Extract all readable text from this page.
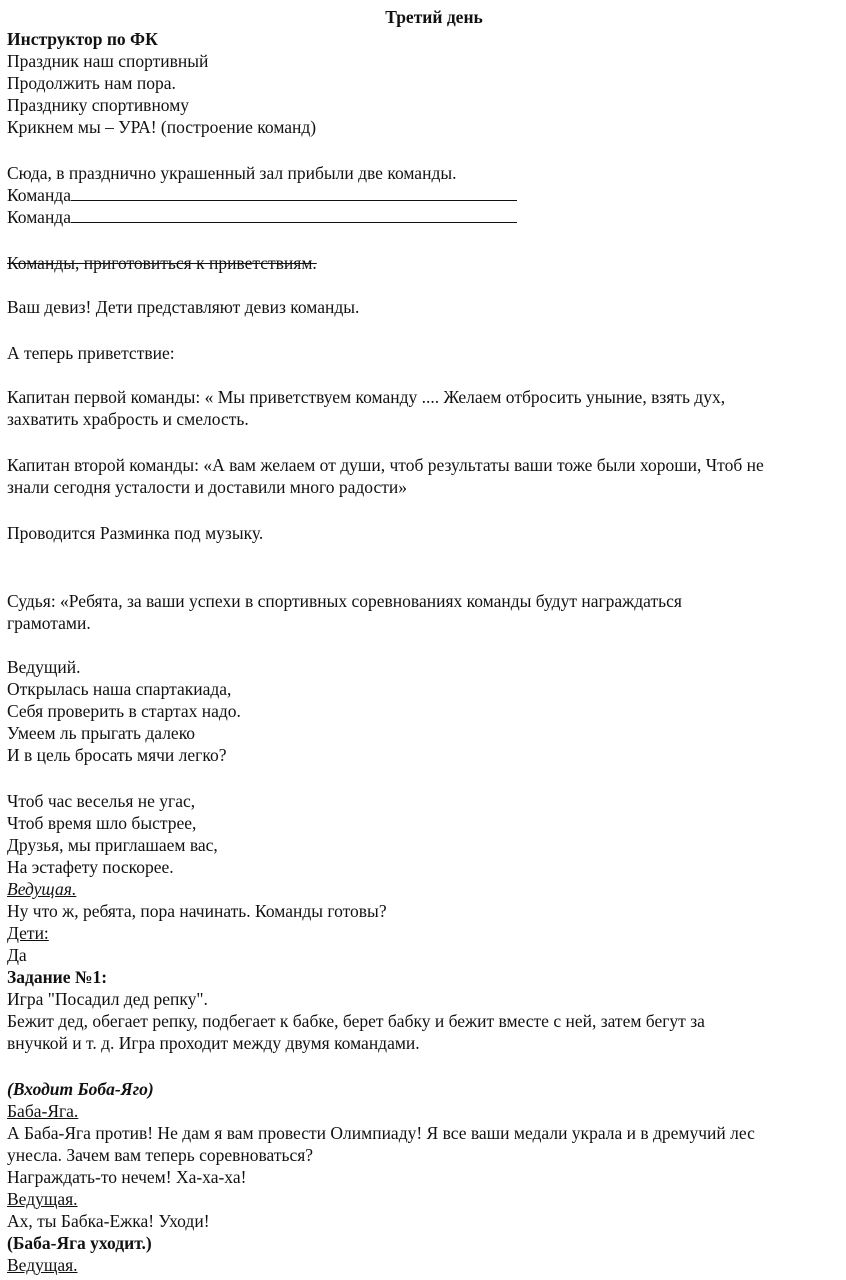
Третий день
Инструктор по ФК
Праздник наш спортивный
Продолжить нам пора.
Празднику спортивному
Крикнем мы – УРА! (построение команд)
Сюда, в празднично украшенный зал прибыли две команды.
Команда
Команда
Команды, приготовиться к приветствиям.
Ваш девиз! Дети представляют девиз команды.
А теперь приветствие:
Капитан первой команды: « Мы приветствуем команду .... Желаем отбросить уныние, взять дух,
захватить храбрость и смелость.
Капитан второй команды: «А вам желаем от души, чтоб результаты ваши тоже были хороши, Чтоб не
знали сегодня усталости и доставили много радости»
Проводится Разминка под музыку.
Судья: «Ребята, за ваши успехи в спортивных соревнованиях команды будут награждаться
грамотами.
Ведущий.
Открылась наша спартакиада,
Себя проверить в стартах надо.
Умеем ль прыгать далеко
И в цель бросать мячи легко?
Чтоб час веселья не угас,
Чтоб время шло быстрее,
Друзья, мы приглашаем вас,
На эстафету поскорее.
Ведущая.
Ну что ж, ребята, пора начинать. Команды готовы?
Дети:
Да
Задание №1:
Игра "Посадил дед репку".
Бежит дед, обегает репку, подбегает к бабке, берет бабку и бежит вместе с ней, затем бегут за
внучкой и т. д. Игра проходит между двумя командами.
(Входит Боба-Яго)
Баба-Яга.
А Баба-Яга против! Не дам я вам провести Олимпиаду! Я все ваши медали украла и в дремучий лес
унесла. Зачем вам теперь соревноваться?
Награждать-то нечем! Ха-ха-ха!
Ведущая.
Ах, ты Бабка-Ежка! Уходи!
(Баба-Яга уходит.)
Ведущая.
